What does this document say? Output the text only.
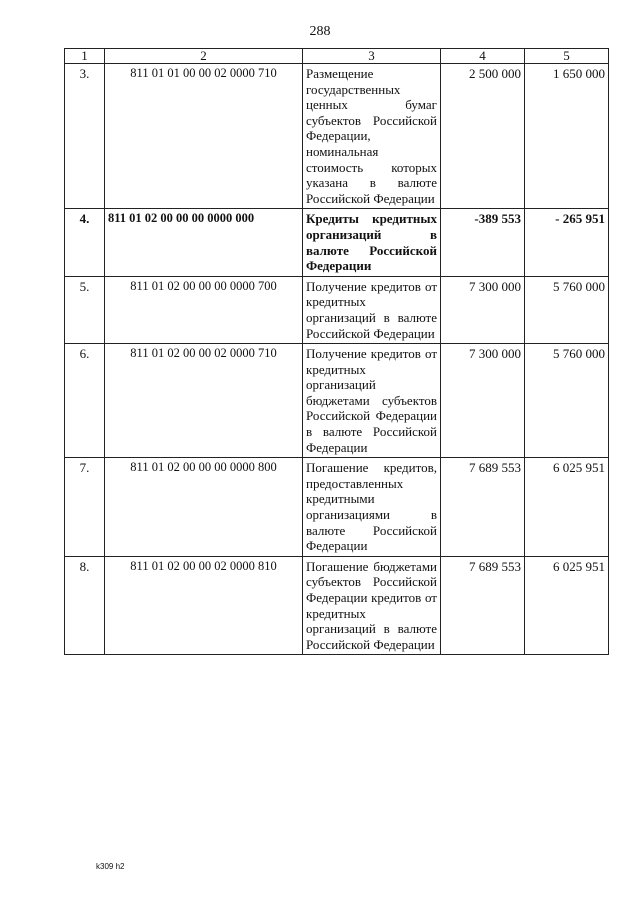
288
1	2	3	4	5
3.	811 01 01 00 00 02 0000 710	Размещение государственных ценных бумаг субъектов Российской Федерации, номинальная стоимость которых указана в валюте Российской Федерации	2 500 000	1 650 000
4.	811 01 02 00 00 00 0000 000	Кредиты кредитных организаций в валюте Российской Федерации	-389 553	- 265 951
5.	811 01 02 00 00 00 0000 700	Получение кредитов от кредитных организаций в валюте Российской Федерации	7 300 000	5 760 000
6.	811 01 02 00 00 02 0000 710	Получение кредитов от кредитных организаций бюджетами субъектов Российской Федерации в валюте Российской Федерации	7 300 000	5 760 000
7.	811 01 02 00 00 00 0000 800	Погашение кредитов, предоставленных кредитными организациями в валюте Российской Федерации	7 689 553	6 025 951
8.	811 01 02 00 00 02 0000 810	Погашение бюджетами субъектов Российской Федерации кредитов от кредитных организаций в валюте Российской Федерации	7 689 553	6 025 951
k309 h2
